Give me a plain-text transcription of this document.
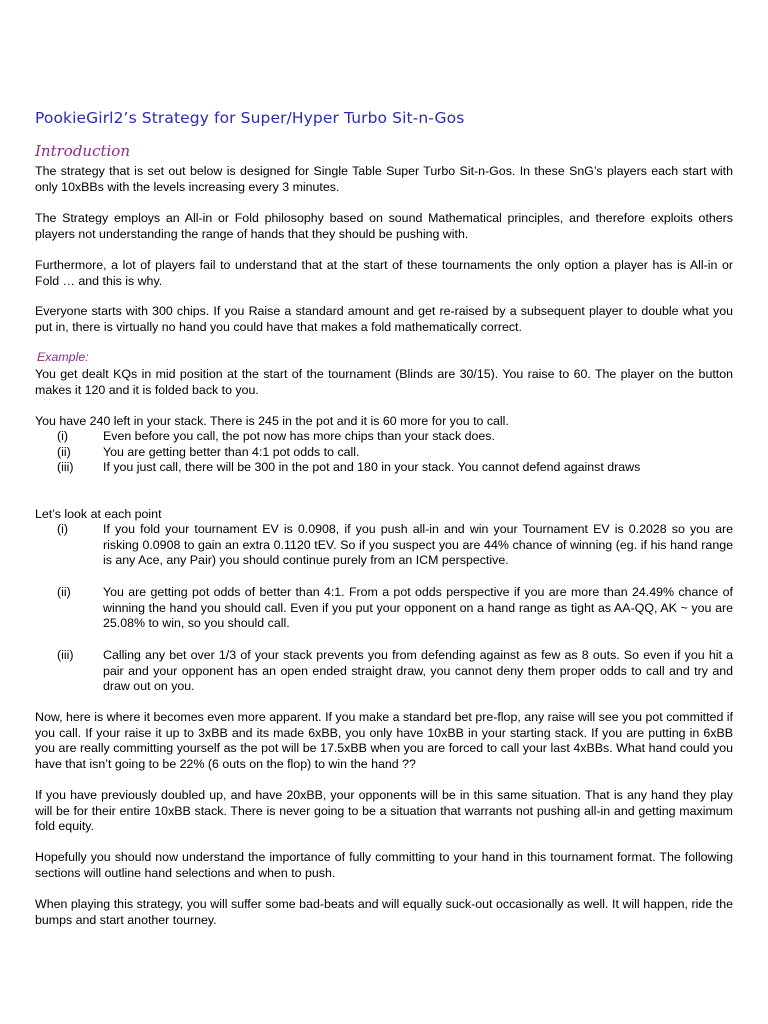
PookieGirl2’s Strategy for Super/Hyper Turbo Sit-n-Gos
Introduction

The strategy that is set out below is designed for Single Table Super Turbo Sit-n-Gos. In these SnG’s players each start with only 10xBBs with the levels increasing every 3 minutes.

The Strategy employs an All-in or Fold philosophy based on sound Mathematical principles, and therefore exploits others players not understanding the range of hands that they should be pushing with.

Furthermore, a lot of players fail to understand that at the start of these tournaments the only option a player has is All-in or Fold … and this is why.

Everyone starts with 300 chips. If you Raise a standard amount and get re-raised by a subsequent player to double what you put in, there is virtually no hand you could have that makes a fold mathematically correct.

Example:

You get dealt KQs in mid position at the start of the tournament (Blinds are 30/15). You raise to 60. The player on the button makes it 120 and it is folded back to you.

You have 240 left in your stack. There is 245 in the pot and it is 60 more for you to call.

(i)	Even before you call, the pot now has more chips than your stack does.
(ii)	You are getting better than 4:1 pot odds to call.
(iii)	If you just call, there will be 300 in the pot and 180 in your stack. You cannot defend against draws

Let’s look at each point

(i)	If you fold your tournament EV is 0.0908, if you push all-in and win your Tournament EV is 0.2028 so you are risking 0.0908 to gain an extra 0.1120 tEV. So if you suspect you are 44% chance of winning (eg. if his hand range is any Ace, any Pair) you should continue purely from an ICM perspective.
(ii)	You are getting pot odds of better than 4:1. From a pot odds perspective if you are more than 24.49% chance of winning the hand you should call. Even if you put your opponent on a hand range as tight as AA-QQ, AK ~ you are 25.08% to win, so you should call.
(iii)	Calling any bet over 1/3 of your stack prevents you from defending against as few as 8 outs. So even if you hit a pair and your opponent has an open ended straight draw, you cannot deny them proper odds to call and try and draw out on you.

Now, here is where it becomes even more apparent. If you make a standard bet pre-flop, any raise will see you pot committed if you call. If your raise it up to 3xBB and its made 6xBB, you only have 10xBB in your starting stack. If you are putting in 6xBB you are really committing yourself as the pot will be 17.5xBB when you are forced to call your last 4xBBs. What hand could you have that isn’t going to be 22% (6 outs on the flop) to win the hand ??

If you have previously doubled up, and have 20xBB, your opponents will be in this same situation. That is any hand they play will be for their entire 10xBB stack. There is never going to be a situation that warrants not pushing all-in and getting maximum fold equity.

Hopefully you should now understand the importance of fully committing to your hand in this tournament format. The following sections will outline hand selections and when to push.

When playing this strategy, you will suffer some bad-beats and will equally suck-out occasionally as well. It will happen, ride the bumps and start another tourney.
